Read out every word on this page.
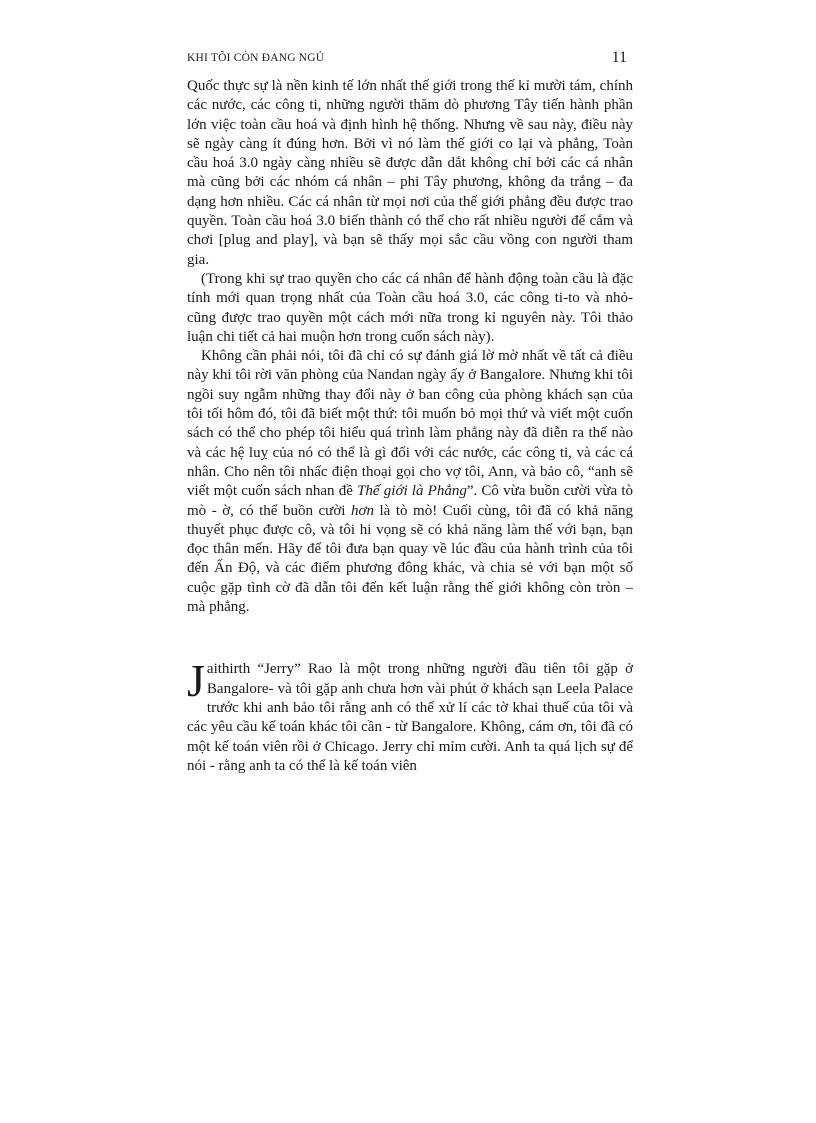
KHI TÔI CÒN ĐANG NGỦ	11

Quốc thực sự là nền kinh tế lớn nhất thế giới trong thế kỉ mười tám, chính các nước, các công ti, những người thăm dò phương Tây tiến hành phần lớn việc toàn cầu hoá và định hình hệ thống. Nhưng về sau này, điều này sẽ ngày càng ít đúng hơn. Bởi vì nó làm thế giới co lại và phẳng, Toàn cầu hoá 3.0 ngày càng nhiều sẽ được dẫn dắt không chỉ bởi các cá nhân mà cũng bởi các nhóm cá nhân – phi Tây phương, không da trắng – đa dạng hơn nhiều. Các cá nhân từ mọi nơi của thế giới phẳng đều được trao quyền. Toàn cầu hoá 3.0 biến thành có thể cho rất nhiều người để cắm và chơi [plug and play], và bạn sẽ thấy mọi sắc cầu vồng con người tham gia.

(Trong khi sự trao quyền cho các cá nhân để hành động toàn cầu là đặc tính mới quan trọng nhất của Toàn cầu hoá 3.0, các công ti-to và nhỏ- cũng được trao quyền một cách mới nữa trong kỉ nguyên này. Tôi thảo luận chi tiết cả hai muộn hơn trong cuốn sách này).

Không cần phải nói, tôi đã chỉ có sự đánh giá lờ mờ nhất về tất cả điều này khi tôi rời văn phòng của Nandan ngày ấy ở Bangalore. Nhưng khi tôi ngồi suy ngẫm những thay đổi này ở ban công của phòng khách sạn của tôi tối hôm đó, tôi đã biết một thứ: tôi muốn bỏ mọi thứ và viết một cuốn sách có thể cho phép tôi hiểu quá trình làm phẳng này đã diễn ra thế nào và các hệ luỵ của nó có thể là gì đối với các nước, các công ti, và các cá nhân. Cho nên tôi nhấc điện thoại gọi cho vợ tôi, Ann, và bảo cô, “anh sẽ viết một cuốn sách nhan đề Thế giới là Phẳng”. Cô vừa buồn cười vừa tò mò - ờ, có thể buồn cười hơn là tò mò! Cuối cùng, tôi đã có khả năng thuyết phục được cô, và tôi hi vọng sẽ có khả năng làm thế với bạn, bạn đọc thân mến. Hãy để tôi đưa bạn quay về lúc đầu của hành trình của tôi đến Ấn Độ, và các điểm phương đông khác, và chia sẻ với bạn một số cuộc gặp tình cờ đã dẫn tôi đến kết luận rằng thế giới không còn tròn – mà phẳng.

Jaithirth “Jerry” Rao là một trong những người đầu tiên tôi gặp ở Bangalore- và tôi gặp anh chưa hơn vài phút ở khách sạn Leela Palace trước khi anh bảo tôi rằng anh có thể xử lí các tờ khai thuế của tôi và các yêu cầu kế toán khác tôi cần - từ Bangalore. Không, cám ơn, tôi đã có một kế toán viên rồi ở Chicago. Jerry chỉ mỉm cười. Anh ta quá lịch sự để nói - rằng anh ta có thể là kế toán viên
